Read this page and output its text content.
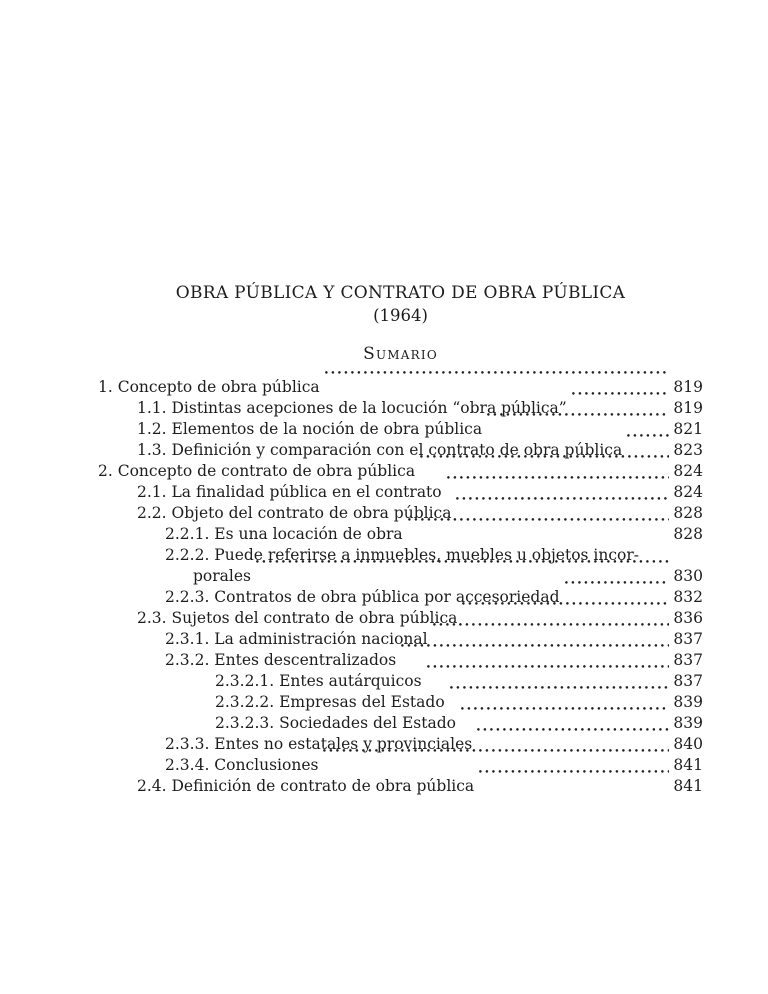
OBRA PÚBLICA Y CONTRATO DE OBRA PÚBLICA
(1964)
Sumario
1. Concepto de obra pública	819
1.1. Distintas acepciones de la locución “obra pública”	819
1.2. Elementos de la noción de obra pública	821
1.3. Definición y comparación con el contrato de obra pública	823
2. Concepto de contrato de obra pública	824
2.1. La finalidad pública en el contrato	824
2.2. Objeto del contrato de obra pública	828
2.2.1. Es una locación de obra	828
2.2.2. Puede referirse a inmuebles, muebles u objetos incor-
porales	830
2.2.3. Contratos de obra pública por accesoriedad	832
2.3. Sujetos del contrato de obra pública	836
2.3.1. La administración nacional	837
2.3.2. Entes descentralizados	837
2.3.2.1. Entes autárquicos	837
2.3.2.2. Empresas del Estado	839
2.3.2.3. Sociedades del Estado	839
2.3.3. Entes no estatales y provinciales	840
2.3.4. Conclusiones	841
2.4. Definición de contrato de obra pública	841
